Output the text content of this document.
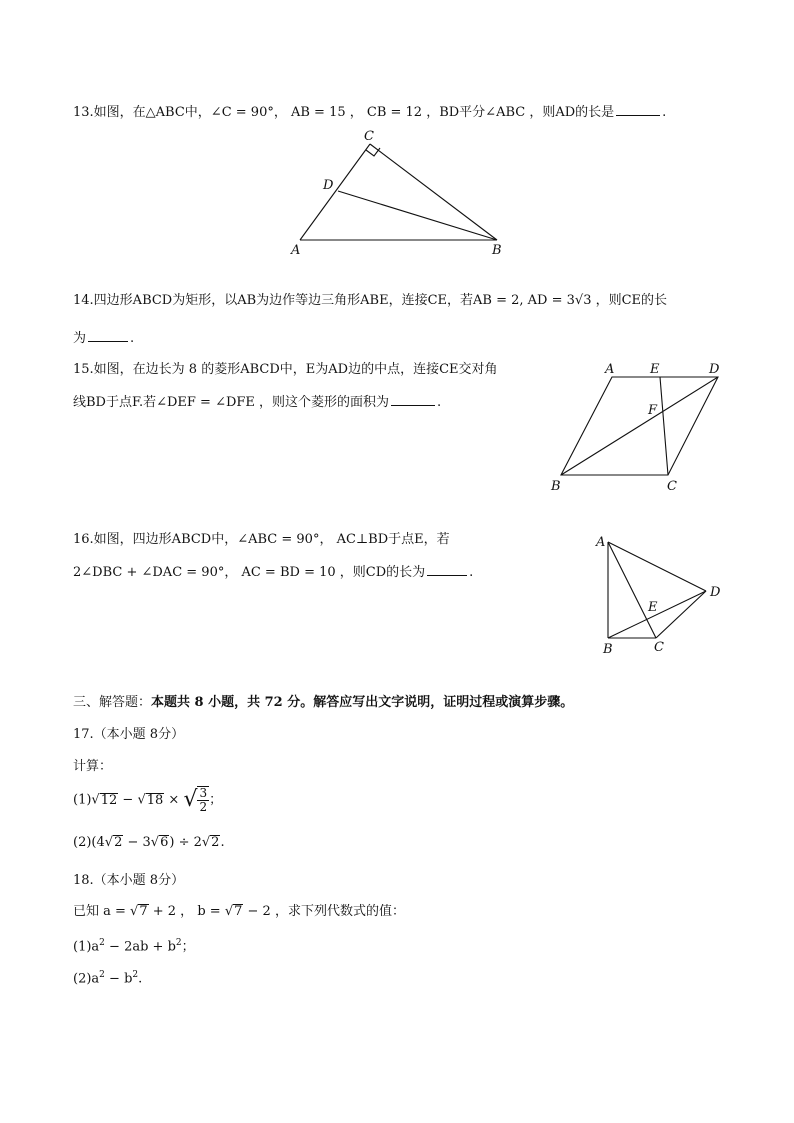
13.如图，在△ABC中，∠C = 90°， AB = 15 ， CB = 12 ，BD平分∠ABC ，则AD的长是	.
C
D
A	B
14.四边形ABCD为矩形，以AB为边作等边三角形ABE，连接CE，若AB = 2, AD = 3√3 ，则CE的长
为	.
15.如图，在边长为 8 的菱形ABCD中，E为AD边的中点，连接CE交对角
线BD于点F.若∠DEF = ∠DFE ，则这个菱形的面积为	.
A	E	D
F
B	C
16.如图，四边形ABCD中，∠ABC = 90°， AC⊥BD于点E，若
2∠DBC + ∠DAC = 90°， AC = BD = 10 ，则CD的长为	.
A
D
E
B	C
三、解答题：本题共 8 小题，共 72 分。解答应写出文字说明，证明过程或演算步骤。
17.（本小题 8分）
计算：
(1)√12 − √18 × √ $\frac{3}{2}$ ；
(2)(4√2 − 3√6) ÷ 2√2.
18.（本小题 8分）
已知 a = √7 + 2 ， b = √7 − 2 ，求下列代数式的值：
$(1)a^2 - 2ab + b^2$；
$(2)a^2 - b^2$.
